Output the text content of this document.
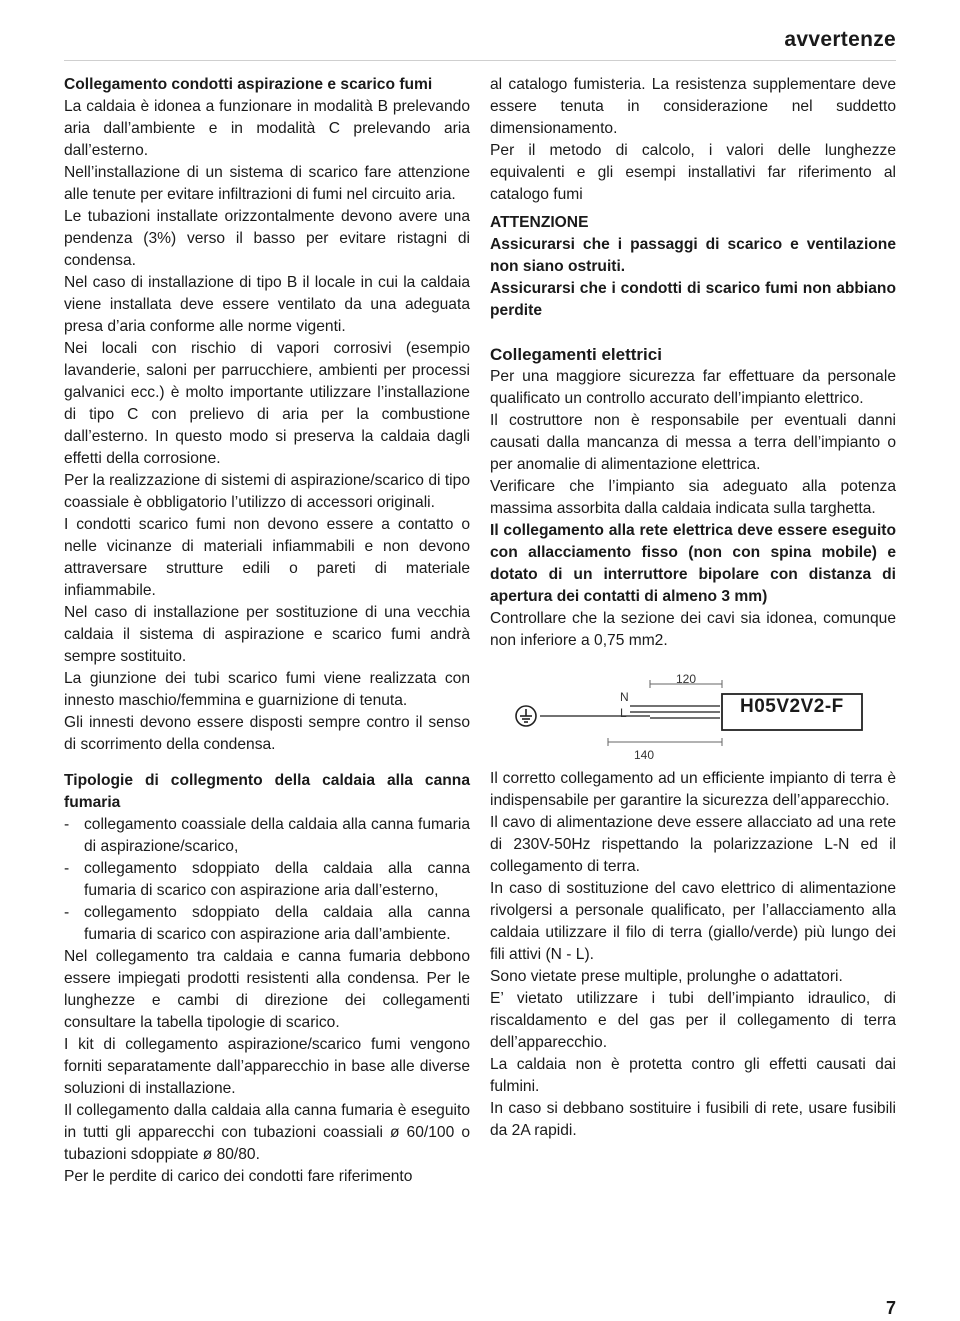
avvertenze

Collegamento condotti aspirazione e scarico fumi

La caldaia è idonea a funzionare in modalità B prelevando aria dall’ambiente e in modalità C prelevando aria dall’esterno.

Nell’installazione di un sistema di scarico fare attenzione alle tenute per evitare infiltrazioni di fumi nel circuito aria.

Le tubazioni installate orizzontalmente devono avere una pendenza (3%) verso il basso per evitare ristagni di condensa.

Nel caso di installazione di tipo B il locale in cui la caldaia viene installata deve essere ventilato da una adeguata presa d’aria conforme alle norme vigenti.

Nei locali con rischio di vapori corrosivi (esempio lavanderie, saloni per parrucchiere, ambienti per processi galvanici ecc.) è molto importante utilizzare l’installazione di tipo C con prelievo di aria per la combustione dall’esterno. In questo modo si preserva la caldaia dagli effetti della corrosione.

Per la realizzazione di sistemi di aspirazione/scarico di tipo coassiale è obbligatorio l’utilizzo di accessori originali.

I condotti scarico fumi non devono essere a contatto o nelle vicinanze di materiali infiammabili e non devono attraversare strutture edili o pareti di materiale infiammabile.

Nel caso di installazione per sostituzione di una vecchia caldaia il sistema di aspirazione e scarico fumi andrà sempre sostituito.

La giunzione dei tubi scarico fumi viene realizzata con innesto maschio/femmina e guarnizione di tenuta.

Gli innesti devono essere disposti sempre contro il senso di scorrimento della condensa.

Tipologie di collegmento della caldaia alla canna fumaria

- collegamento coassiale della caldaia alla canna fumaria di aspirazione/scarico,
- collegamento sdoppiato della caldaia alla canna fumaria di scarico con aspirazione aria dall’esterno,
- collegamento sdoppiato della caldaia alla canna fumaria di scarico con aspirazione aria dall’ambiente.

Nel collegamento tra caldaia e canna fumaria debbono essere impiegati prodotti resistenti alla condensa. Per le lunghezze e cambi di direzione dei collegamenti consultare la tabella tipologie di scarico.

I kit di collegamento aspirazione/scarico fumi vengono forniti separatamente dall’apparecchio in base alle diverse soluzioni di installazione.

Il collegamento dalla caldaia alla canna fumaria è eseguito in tutti gli apparecchi con tubazioni coassiali ø 60/100 o tubazioni sdoppiate ø 80/80.

Per le perdite di carico dei condotti fare riferimento

al catalogo fumisteria. La resistenza supplementare deve essere tenuta in considerazione nel suddetto dimensionamento.

Per il metodo di calcolo, i valori delle lunghezze equivalenti e gli esempi installativi far riferimento al catalogo fumi

ATTENZIONE

Assicurarsi che i passaggi di scarico e ventilazione non siano ostruiti.

Assicurarsi che i condotti di scarico fumi non abbiano perdite

Collegamenti elettrici

Per una maggiore sicurezza far effettuare da personale qualificato un controllo accurato dell’impianto elettrico.

Il costruttore non è responsabile per eventuali danni causati dalla mancanza di messa a terra dell’impianto o per anomalie di alimentazione elettrica.

Verificare che l’impianto sia adeguato alla potenza massima assorbita dalla caldaia indicata sulla targhetta.

Il collegamento alla rete elettrica deve essere eseguito con allacciamento fisso (non con spina mobile) e dotato di un interruttore bipolare con distanza di apertura dei contatti di almeno 3 mm)

Controllare che la sezione dei cavi sia idonea, comunque non inferiore a 0,75 mm2.

N
L
120
140
H05V2V2-F

Il corretto collegamento ad un efficiente impianto di terra è indispensabile per garantire la sicurezza dell’apparecchio.

Il cavo di alimentazione deve essere allacciato ad una rete di 230V-50Hz rispettando la polarizzazione L-N ed il collegamento di terra.

In caso di sostituzione del cavo elettrico di alimentazione rivolgersi a personale qualificato, per l’allacciamento alla caldaia utilizzare il filo di terra (giallo/verde) più lungo dei fili attivi (N - L).

Sono vietate prese multiple, prolunghe o adattatori.

E’ vietato utilizzare i tubi dell’impianto idraulico, di riscaldamento e del gas per il collegamento di terra dell’apparecchio.

La caldaia non è protetta contro gli effetti causati dai fulmini.

In caso si debbano sostituire i fusibili di rete, usare fusibili da 2A rapidi.

7
